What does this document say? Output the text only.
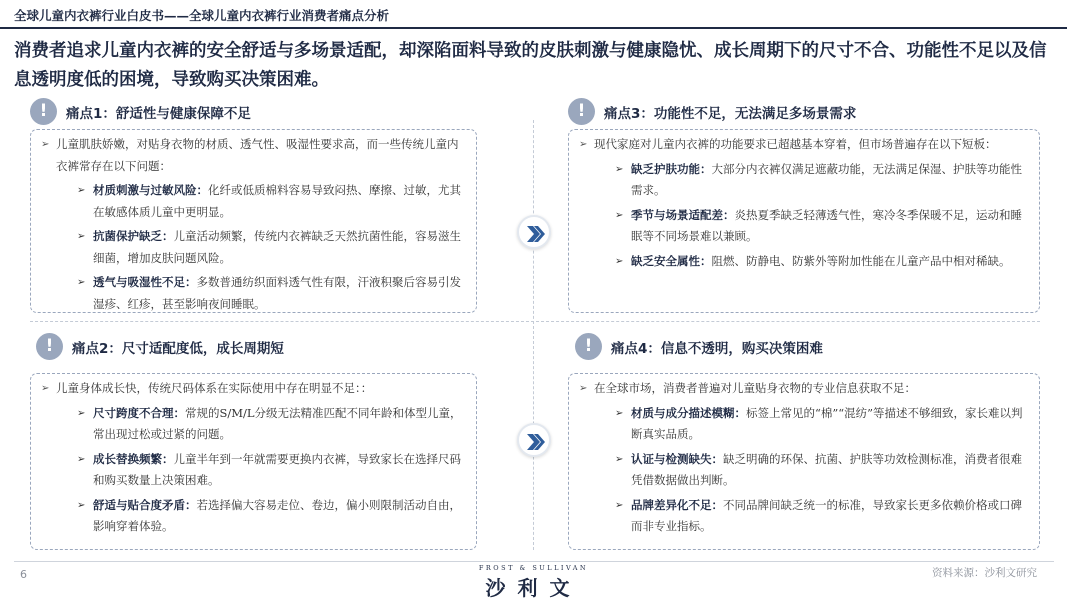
全球儿童内衣裤行业白皮书——全球儿童内衣裤行业消费者痛点分析
消费者追求儿童内衣裤的安全舒适与多场景适配，却深陷面料导致的皮肤刺激与健康隐忧、成长周期下的尺寸不合、功能性不足以及信息透明度低的困境，导致购买决策困难。
!	痛点1：舒适性与健康保障不足
➢ 儿童肌肤娇嫩，对贴身衣物的材质、透气性、吸湿性要求高，而一些传统儿童内衣裤常存在以下问题：
➢ 材质刺激与过敏风险：化纤或低质棉料容易导致闷热、摩擦、过敏，尤其在敏感体质儿童中更明显。
➢ 抗菌保护缺乏：儿童活动频繁，传统内衣裤缺乏天然抗菌性能，容易滋生细菌，增加皮肤问题风险。
➢ 透气与吸湿性不足：多数普通纺织面料透气性有限，汗液积聚后容易引发湿疹、红疹，甚至影响夜间睡眠。
!	痛点3：功能性不足，无法满足多场景需求
➢ 现代家庭对儿童内衣裤的功能要求已超越基本穿着，但市场普遍存在以下短板：
➢ 缺乏护肤功能：大部分内衣裤仅满足遮蔽功能，无法满足保湿、护肤等功能性需求。
➢ 季节与场景适配差：炎热夏季缺乏轻薄透气性，寒冷冬季保暖不足，运动和睡眠等不同场景难以兼顾。
➢ 缺乏安全属性：阻燃、防静电、防紫外等附加性能在儿童产品中相对稀缺。
!	痛点2：尺寸适配度低，成长周期短
➢ 儿童身体成长快，传统尺码体系在实际使用中存在明显不足：：
➢ 尺寸跨度不合理：常规的S/M/L分级无法精准匹配不同年龄和体型儿童，常出现过松或过紧的问题。
➢ 成长替换频繁：儿童半年到一年就需要更换内衣裤，导致家长在选择尺码和购买数量上决策困难。
➢ 舒适与贴合度矛盾：若选择偏大容易走位、卷边，偏小则限制活动自由，影响穿着体验。
!	痛点4：信息不透明，购买决策困难
➢ 在全球市场，消费者普遍对儿童贴身衣物的专业信息获取不足：
➢ 材质与成分描述模糊：标签上常见的“棉”“混纺”等描述不够细致，家长难以判断真实品质。
➢ 认证与检测缺失：缺乏明确的环保、抗菌、护肤等功效检测标准，消费者很难凭借数据做出判断。
➢ 品牌差异化不足：不同品牌间缺乏统一的标准，导致家长更多依赖价格或口碑而非专业指标。
6	FROST & SULLIVAN
沙利文
资料来源：沙利文研究
